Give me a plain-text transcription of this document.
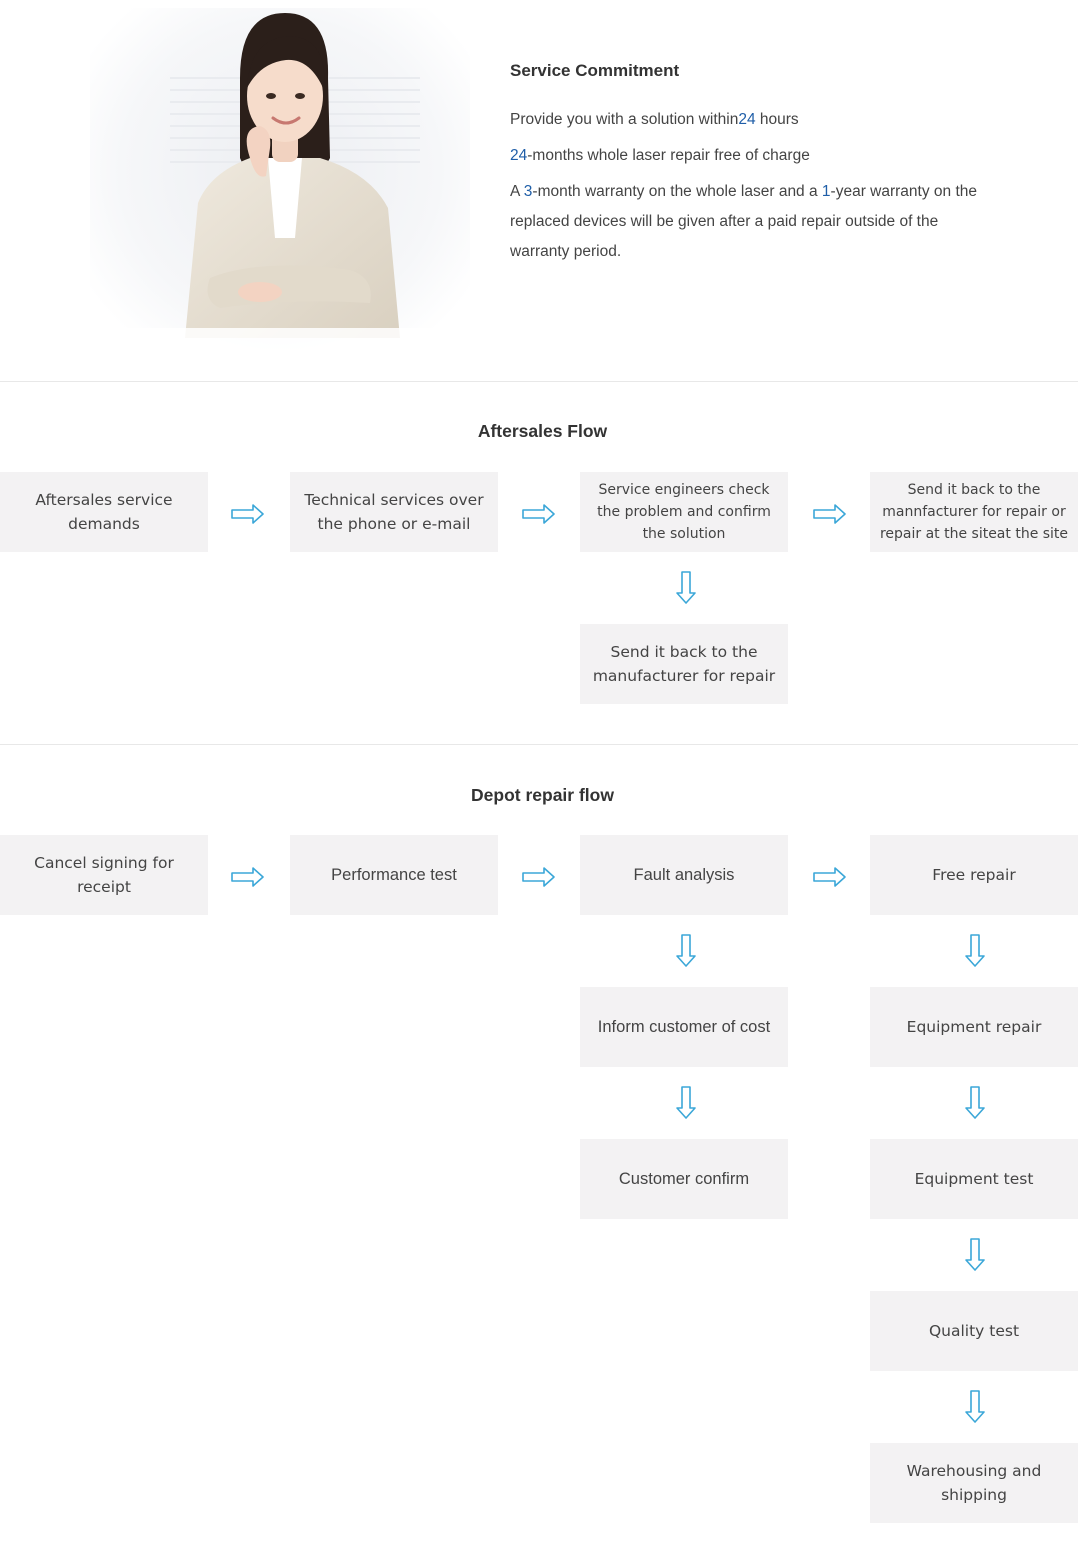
Service Commitment
Provide you with a solution within24 hours
24-months whole laser repair free of charge
A 3-month warranty on the whole laser and a 1-year warranty on the replaced devices will be given after a paid repair outside of the warranty period.
Aftersales Flow
Aftersales service demands
Technical services over the phone or e-mail
Service engineers check the problem and confirm the solution
Send it back to the mannfacturer for repair or repair at the siteat the site
Send it back to the manufacturer for repair
Depot repair flow
Cancel signing for receipt
Performance test	Fault analysis	Free repair
Inform customer of cost
Customer confirm
Equipment repair
Equipment test
Quality test
Warehousing and shipping
